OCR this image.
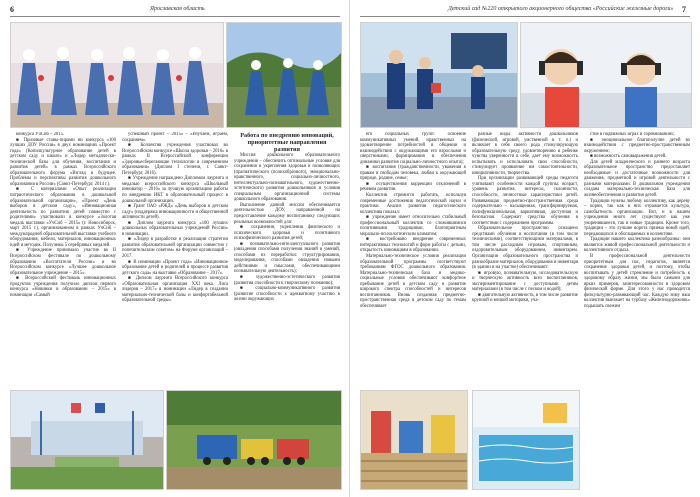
6	Ярославская область

конкурса УчСиб – 2015.

■ Призовые ставы-пирами ни конкурса «100 лучших ДОУ России» в двух номинациях «Проект года» (Копилкультурное образование детей в детском саду и школе» и «Лидер методически-технической базы для обучения, воспитания и развития детей» в рамках Всероссийского образовательного форума «Взгляд в будущее. Проблемы и перспективы развития дошкольного образования в России» (Санкт-Петербург, 2014 г.).

■ С материалами «Опыт реализации патриотического образования в дошкольной образовательной организации», «Проект «День выборов в детском саду», «Инновационная деятельность по развитию детей совместно с родителями» участвовали в конкурсе «Золотая медаль выставки «УчСиб – 2015» (г. Новосибирск, март 2015 г.), организованном в рамках УчСиб – международной образовательной выставки учебного оборудования, мебели, материалов, инновационных идей и методик. Получены 5 серебряных медалей.

■ Учреждение принимало участие во II Всероссийском фестивале по дошкольному образованию «Воспитатели России» и во Всероссийском конкурсе «Лучшее дошкольное образовательное учреждение – 2015».

■ Всероссийский фестиваль инновационных продуктов учреждения получило диплом первого конкурса «Новинки в образовании – 2015» в номинации «Самый

успешный проект – 2015» – «Изучаем, играем, сохраняем».

■ Коллектив учреждения участвовал во Всероссийском конкурсе «Школа здоровья – 2016» в рамках II Всероссийской конференции «Здоровьесберегающие технологии в современном образовании» (Диплом I степени, г. Санкт-Петербург, 2016).

■ Учреждение награждено Дипломом лауреата и медалью всероссийского конкурса «Школьный инноватор – 2016» за лучшую организацию работы по внедрению ИКТ в образовательный процесс в дошкольной организации.

■ Грант ОАО «РЖД» «День выборов в детском саду» (поддержка инновационности и общественной активности детей).

■ Диплом лауреата конкурса «100 лучших дошкольных образовательных учреждений России» в номинации.

■ «Лидер в разработке и реализации стратегии развития образовательной организации совместно с попечительским советом» на Форуме организаций – 2017.

■ В номинации «Проект года» «Инновационное образование детей и родителей в процессе развития детского сада» на выставке «Образование – 2017».

■ Диплом лауреата Всероссийского конкурса «Образовательная организация XXI века. Лига лидеров – 2017» в номинации «Лидер в создании материально-технической базы и конфортабельной образовательной среды».

Работа по внедрению инноваций, приоритетные направления развития

Миссия дошкольного образовательного учреждения – обеспечить оптимальные условия для сохранения и укрепления здоровья и позволяющих (прагматического (полихобразного), эмоционально-нравственного, социально-личностного, интеллектуально-познавательного, художественно-эстетического) развития дошкольников и условия специальным организационной системы дошкольного образования.

Выполнение данной миссии обеспечивается деятельностью ДОУ, направленной на предоставление каждому воспитаннику следующих реальных возможностей для:

■ сохранения, укрепления физического и психического здоровья и позитивного психофизического развития детей;

■ познавательно-интеллектуального развития (овладения способами получения знаний и умений, способами их переработки: структурирования, моделирования, способами овладения новыми действиями и смыслами, обеспечивающими познавательную деятельность);

■ художественно-эстетического развития (развития способности к творческому познанию);

■ социально-коммуникативного развития (развитие способности к адекватному участию в жизни окружающих

Детский сад №220 открытого акционерного общества «Российские железные дороги» 7

его социальных групп: освоение коммуникативных умений, нравственных на удовлетворение потребностей в общении и взаимодействии с окружающими его взрослыми и сверстниками, формирования и обеспечения динамики развития социально-личностного опыта);

■ воспитания (гражданственности, уважения к правам и свободам человека, любви к окружающей природе, родине, семье;

■ осуществления коррекции отклонений в речевом развитии.

Коллектив стремится работать, используя современные достижения педагогической науки и практики. Анализ развития педагогического коллектива показал:

■ учреждение имеет относительно стабильный профессиональный коллектив со сложившимися позитивными традициями, благоприятным морально-психологическим климатом;

■ востребовано внедрение современных интерактивных технологий и форм работы с детьми, открытость инновациям в образовании.

Материально-техническое условия реализации образовательной программы соответствуют требованиям ФГОС дошкольного образования. Материально-техническая база и медико-социальные условия обеспечивают конфортное пребывание детей в детском саду и развитие широкого спектра способностей и интересов воспитанников. Вновь созданная предметно-пространственная среда в детском саду по темам обеспечивает

разные виды активности дошкольников (физической, игровой, умственной и т. п.) и включает в себя своего рода стимулирующую образовательную среду, удовлетворению в ребенке чувства уверенности в себе, дает ему возможность испытывать и использовать свои способности, стимулирует проявление им самостоятельности, инициативности, творчества.

При организации развивающей среды педагоги учитывают особенности каждой группы: возраст, уровень развития, интересы, склонности, способности, личностные характеристики детей. Развивающая предметно-пространственная среда содержательно – насыщенная, трансформируемая, полифункциональная, вариативная, доступная и безопасная. Содержит средства обучения в соответствии с содержанием программы.

Образовательное пространство оснащено средствами обучения и воспитания (в том числе техническими), соответствующими материалами, в том числе расходным игровым, спортивным, оздоровительным оборудованием, инвентарем. Организация образовательного пространства и разнообразие материалов, оборудования и инвентаря (в здании и на участке) обеспечивают:

■ игровую, познавательную, исследовательскую и творческую активность всех воспитанников, экспериментирование с доступными детям материалами (в том числе с песком и водой);

■ двигательную активность, в том числе развитие крупной и мелкой моторики, уча-

стие в подвижных играх и соревнованиях;

■ эмоциональное благополучие детей во взаимодействии с предметно-пространственным окружением;

■ возможность самовыражения детей.

Для детей младенческого и раннего возраста образовательное пространство предоставляет необходимые и достаточные возможности для движения, предметной и игровой деятельности с разными материалами. В дошкольном учреждении создана материально-техническая база для жизнеобеспечения и развития детей.

Традиции нужны любому коллективу, как дереву – корни, так как в них отражается культура, самобытность организации. Вот, и в нашем учреждении много лет существуют как уже укоренившиеся, так и новые традиции. Кроме того, традиции – это лучшие ворота приема новой идей, передающихся и обогащаемых в коллективе.

Традиции нашего коллектива разнообразны: они являются живой профессиональной деятельности и коллективного отдыха.

В профессиональной деятельности приоритетным для нас, педагогов, является сохранение здоровья детей, и поэтому, чтобы воспитывать у детей стремление и потребность к здоровому образу жизни, мы были самыми для ярких примеров, заинтересованности в здоровом физической форме. Для этого у нас проводится физкультурно-развивающий час. Каждую зиму наш коллектив выезжает на турбазу «Железнодорожник» подышать свежим
